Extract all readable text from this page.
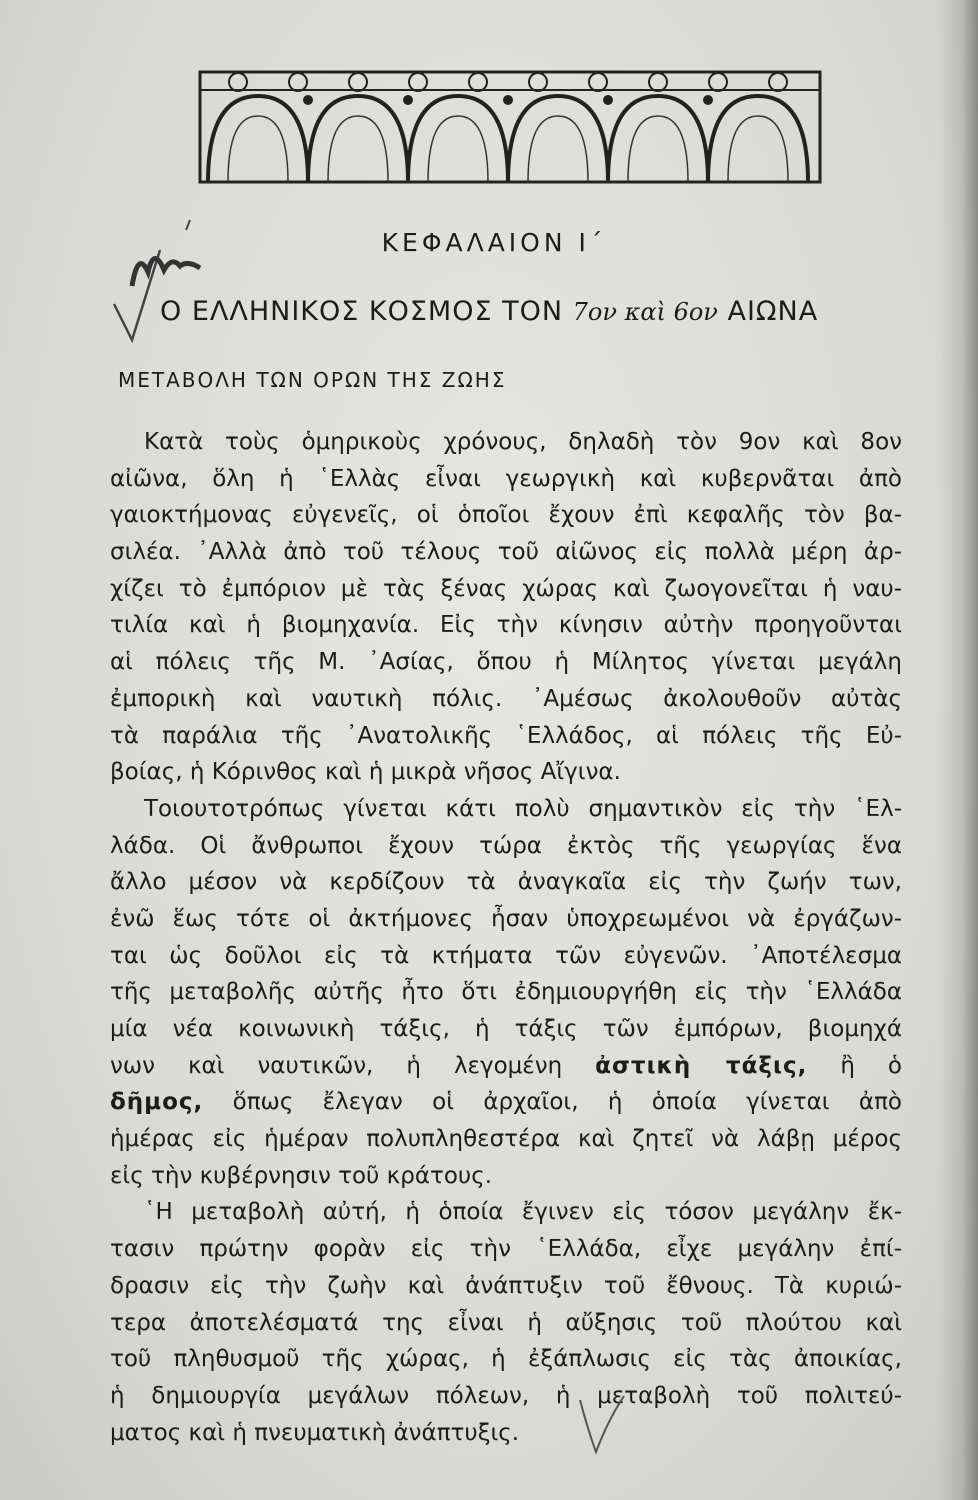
ΚΕΦΑΛΑΙΟΝ Ι΄
Ο ΕΛΛΗΝΙΚΟΣ ΚΟΣΜΟΣ ΤΟΝ 7ον καὶ 6ον ΑΙΩΝΑ
ΜΕΤΑΒΟΛΗ ΤΩΝ ΟΡΩΝ ΤΗΣ ΖΩΗΣ
Κατὰ τοὺς ὁμηρικοὺς χρόνους, δηλαδὴ τὸν 9ον καὶ 8ον
αἰῶνα, ὅλη ἡ ῾Ελλὰς εἶναι γεωργικὴ καὶ κυβερνᾶται ἀπὸ
γαιοκτήμονας εὐγενεῖς, οἱ ὁποῖοι ἔχουν ἐπὶ κεφαλῆς τὸν βα-
σιλέα. ᾿Αλλὰ ἀπὸ τοῦ τέλους τοῦ αἰῶνος εἰς πολλὰ μέρη ἀρ-
χίζει τὸ ἐμπόριον μὲ τὰς ξένας χώρας καὶ ζωογονεῖται ἡ ναυ-
τιλία καὶ ἡ βιομηχανία. Εἰς τὴν κίνησιν αὐτὴν προηγοῦνται
αἱ πόλεις τῆς Μ. ᾿Ασίας, ὅπου ἡ Μίλητος γίνεται μεγάλη
ἐμπορικὴ καὶ ναυτικὴ πόλις. ᾿Αμέσως ἀκολουθοῦν αὐτὰς
τὰ παράλια τῆς ᾿Ανατολικῆς ῾Ελλάδος, αἱ πόλεις τῆς Εὐ-
βοίας, ἡ Κόρινθος καὶ ἡ μικρὰ νῆσος Αἴγινα.
Τοιουτοτρόπως γίνεται κάτι πολὺ σημαντικὸν εἰς τὴν ῾Ελ-
λάδα. Οἱ ἄνθρωποι ἔχουν τώρα ἐκτὸς τῆς γεωργίας ἕνα
ἄλλο μέσον νὰ κερδίζουν τὰ ἀναγκαῖα εἰς τὴν ζωήν των,
ἐνῶ ἕως τότε οἱ ἀκτήμονες ἦσαν ὑποχρεωμένοι νὰ ἐργάζων-
ται ὡς δοῦλοι εἰς τὰ κτήματα τῶν εὐγενῶν. ᾿Αποτέλεσμα
τῆς μεταβολῆς αὐτῆς ἦτο ὅτι ἐδημιουργήθη εἰς τὴν ῾Ελλάδα
μία νέα κοινωνικὴ τάξις, ἡ τάξις τῶν ἐμπόρων, βιομηχά
νων καὶ ναυτικῶν, ἡ λεγομένη ἀστικὴ τάξις, ἢ ὁ
δῆμος, ὅπως ἔλεγαν οἱ ἀρχαῖοι, ἡ ὁποία γίνεται ἀπὸ
ἡμέρας εἰς ἡμέραν πολυπληθεστέρα καὶ ζητεῖ νὰ λάβῃ μέρος
εἰς τὴν κυβέρνησιν τοῦ κράτους.
῾Η μεταβολὴ αὐτή, ἡ ὁποία ἔγινεν εἰς τόσον μεγάλην ἔκ-
τασιν πρώτην φορὰν εἰς τὴν ῾Ελλάδα, εἶχε μεγάλην ἐπί-
δρασιν εἰς τὴν ζωὴν καὶ ἀνάπτυξιν τοῦ ἔθνους. Τὰ κυριώ-
τερα ἀποτελέσματά της εἶναι ἡ αὔξησις τοῦ πλούτου καὶ
τοῦ πληθυσμοῦ τῆς χώρας, ἡ ἐξάπλωσις εἰς τὰς ἀποικίας,
ἡ δημιουργία μεγάλων πόλεων, ἡ μεταβολὴ τοῦ πολιτεύ-
ματος καὶ ἡ πνευματικὴ ἀνάπτυξις.
